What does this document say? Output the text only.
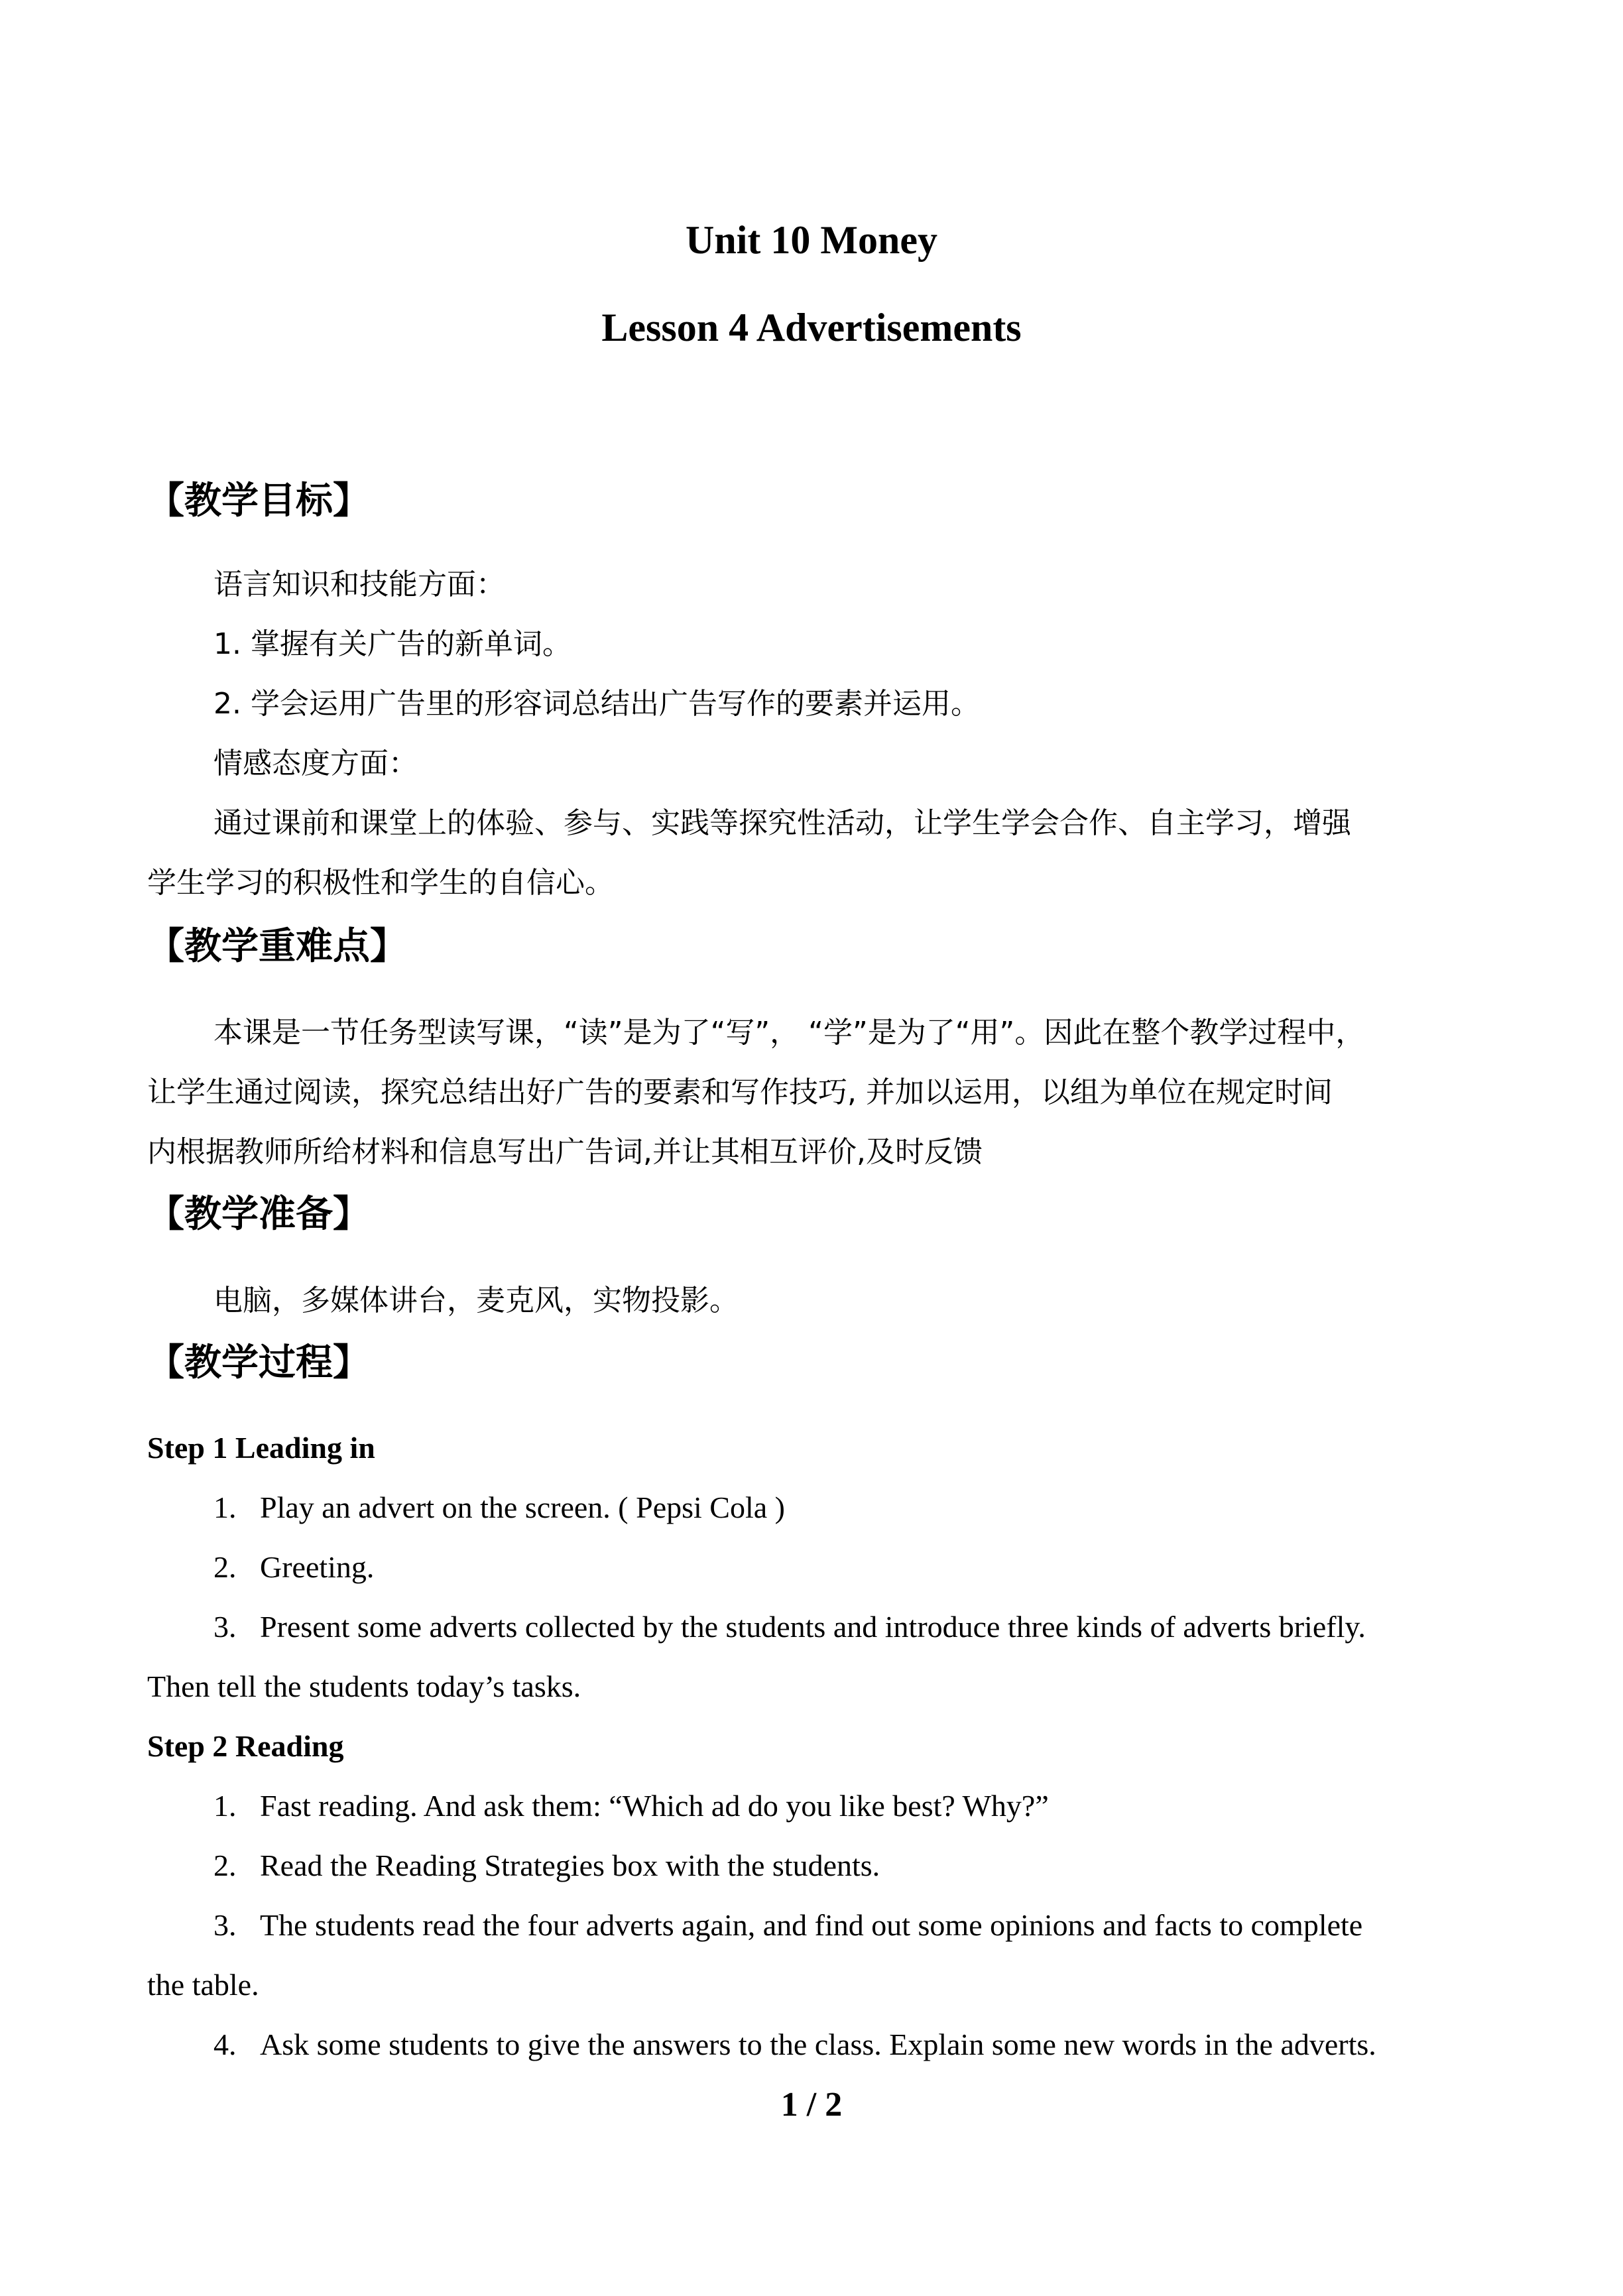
Unit 10 Money
Lesson 4 Advertisements
【教学目标】

语言知识和技能方面：

1. 掌握有关广告的新单词。

2. 学会运用广告里的形容词总结出广告写作的要素并运用。

情感态度方面：

通过课前和课堂上的体验、参与、实践等探究性活动，让学生学会合作、自主学习，增强

学生学习的积极性和学生的自信心。

【教学重难点】

本课是一节任务型读写课，“读”是为了“写”， “学”是为了“用”。因此在整个教学过程中，

让学生通过阅读，探究总结出好广告的要素和写作技巧, 并加以运用，以组为单位在规定时间

内根据教师所给材料和信息写出广告词,并让其相互评价,及时反馈

【教学准备】

电脑，多媒体讲台，麦克风，实物投影。

【教学过程】

Step 1 Leading in

1. Play an advert on the screen. ( Pepsi Cola )

2. Greeting.

3. Present some adverts collected by the students and introduce three kinds of adverts briefly.

Then tell the students today’s tasks.

Step 2 Reading

1. Fast reading. And ask them: “Which ad do you like best? Why?”

2. Read the Reading Strategies box with the students.

3. The students read the four adverts again, and find out some opinions and facts to complete

the table.

4. Ask some students to give the answers to the class. Explain some new words in the adverts.

1 / 2
